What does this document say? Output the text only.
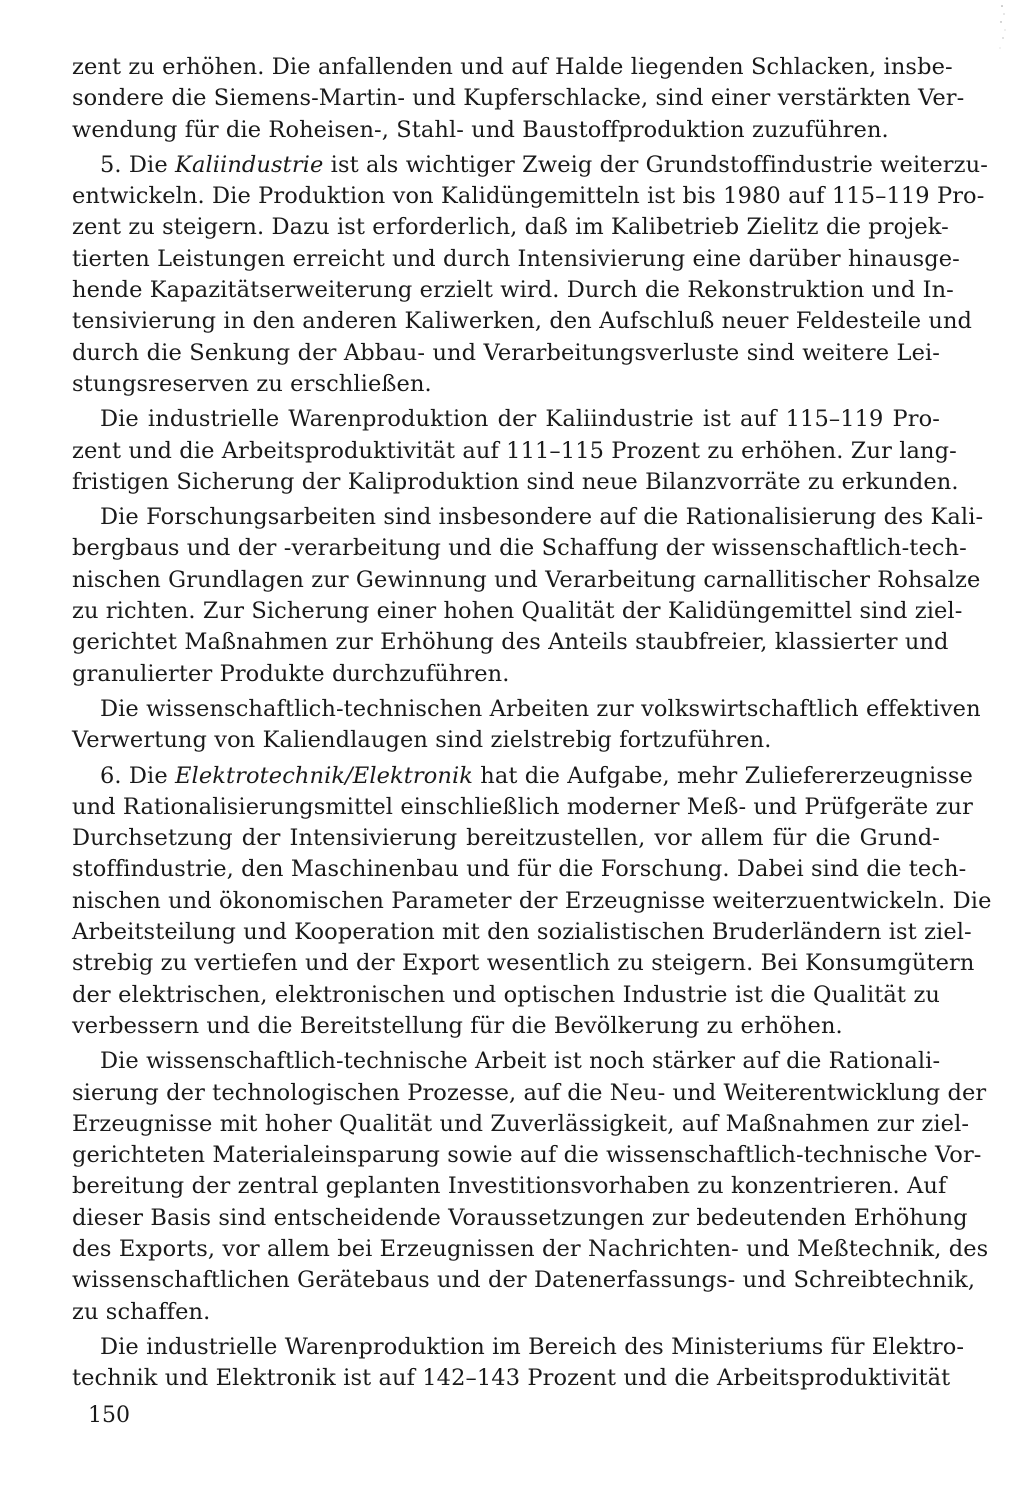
zent zu erhöhen. Die anfallenden und auf Halde liegenden Schlacken, insbe-
sondere die Siemens-Martin- und Kupferschlacke, sind einer verstärkten Ver-
wendung für die Roheisen-, Stahl- und Baustoffproduktion zuzuführen.
5. Die Kaliindustrie ist als wichtiger Zweig der Grundstoffindustrie weiterzu-
entwickeln. Die Produktion von Kalidüngemitteln ist bis 1980 auf 115–119 Pro-
zent zu steigern. Dazu ist erforderlich, daß im Kalibetrieb Zielitz die projek-
tierten Leistungen erreicht und durch Intensivierung eine darüber hinausge-
hende Kapazitätserweiterung erzielt wird. Durch die Rekonstruktion und In-
tensivierung in den anderen Kaliwerken, den Aufschluß neuer Feldesteile und
durch die Senkung der Abbau- und Verarbeitungsverluste sind weitere Lei-
stungsreserven zu erschließen.
Die industrielle Warenproduktion der Kaliindustrie ist auf 115–119 Pro-
zent und die Arbeitsproduktivität auf 111–115 Prozent zu erhöhen. Zur lang-
fristigen Sicherung der Kaliproduktion sind neue Bilanzvorräte zu erkunden.
Die Forschungsarbeiten sind insbesondere auf die Rationalisierung des Kali-
bergbaus und der -verarbeitung und die Schaffung der wissenschaftlich-tech-
nischen Grundlagen zur Gewinnung und Verarbeitung carnallitischer Rohsalze
zu richten. Zur Sicherung einer hohen Qualität der Kalidüngemittel sind ziel-
gerichtet Maßnahmen zur Erhöhung des Anteils staubfreier, klassierter und
granulierter Produkte durchzuführen.
Die wissenschaftlich-technischen Arbeiten zur volkswirtschaftlich effektiven
Verwertung von Kaliendlaugen sind zielstrebig fortzuführen.
6. Die Elektrotechnik/Elektronik hat die Aufgabe, mehr Zuliefererzeugnisse
und Rationalisierungsmittel einschließlich moderner Meß- und Prüfgeräte zur
Durchsetzung der Intensivierung bereitzustellen, vor allem für die Grund-
stoffindustrie, den Maschinenbau und für die Forschung. Dabei sind die tech-
nischen und ökonomischen Parameter der Erzeugnisse weiterzuentwickeln. Die
Arbeitsteilung und Kooperation mit den sozialistischen Bruderländern ist ziel-
strebig zu vertiefen und der Export wesentlich zu steigern. Bei Konsumgütern
der elektrischen, elektronischen und optischen Industrie ist die Qualität zu
verbessern und die Bereitstellung für die Bevölkerung zu erhöhen.
Die wissenschaftlich-technische Arbeit ist noch stärker auf die Rationali-
sierung der technologischen Prozesse, auf die Neu- und Weiterentwicklung der
Erzeugnisse mit hoher Qualität und Zuverlässigkeit, auf Maßnahmen zur ziel-
gerichteten Materialeinsparung sowie auf die wissenschaftlich-technische Vor-
bereitung der zentral geplanten Investitionsvorhaben zu konzentrieren. Auf
dieser Basis sind entscheidende Voraussetzungen zur bedeutenden Erhöhung
des Exports, vor allem bei Erzeugnissen der Nachrichten- und Meßtechnik, des
wissenschaftlichen Gerätebaus und der Datenerfassungs- und Schreibtechnik,
zu schaffen.
Die industrielle Warenproduktion im Bereich des Ministeriums für Elektro-
technik und Elektronik ist auf 142–143 Prozent und die Arbeitsproduktivität
150
